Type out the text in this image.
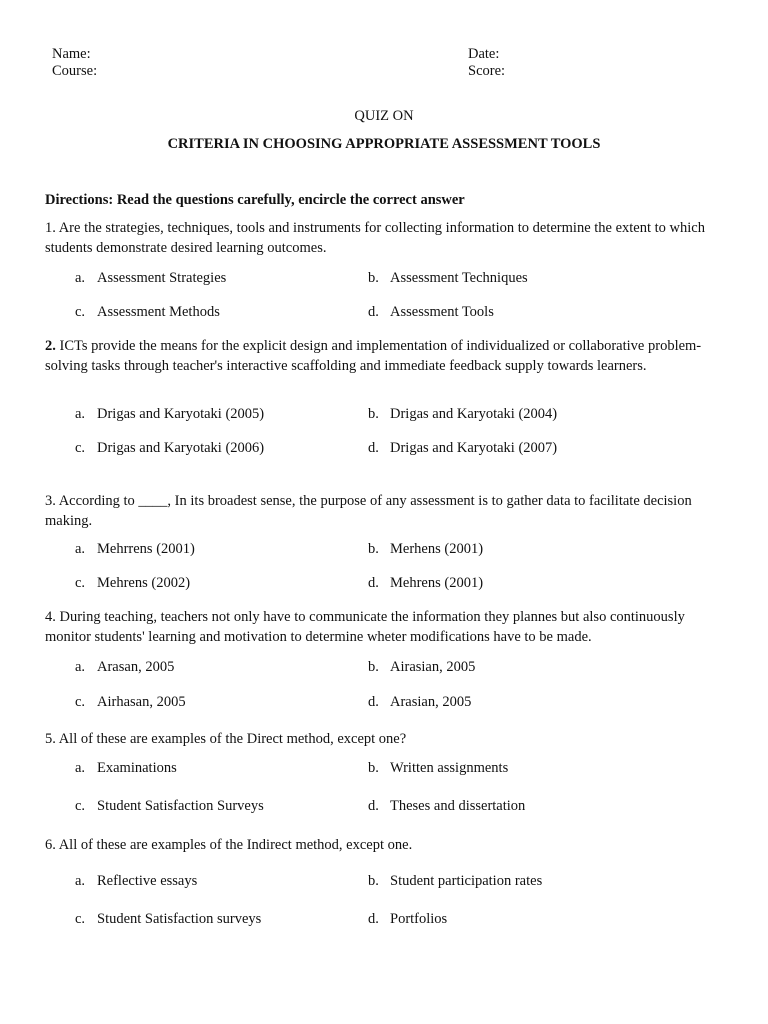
Name:
Course:
Date:
Score:
QUIZ ON
CRITERIA IN CHOOSING APPROPRIATE ASSESSMENT TOOLS
Directions: Read the questions carefully, encircle the correct answer
1. Are the strategies, techniques, tools and instruments for collecting information to determine the extent to which students demonstrate desired learning outcomes.
a. Assessment Strategies	b. Assessment Techniques
c. Assessment Methods	d. Assessment Tools
2. ICTs provide the means for the explicit design and implementation of individualized or collaborative problem-solving tasks through teacher's interactive scaffolding and immediate feedback supply towards learners.
a. Drigas and Karyotaki (2005)	b. Drigas and Karyotaki (2004)
c. Drigas and Karyotaki (2006)	d. Drigas and Karyotaki (2007)
3. According to ____, In its broadest sense, the purpose of any assessment is to gather data to facilitate decision making.
a. Mehrrens (2001)	b. Merhens (2001)
c. Mehrens (2002)	d. Mehrens (2001)
4. During teaching, teachers not only have to communicate the information they plannes but also continuously monitor students' learning and motivation to determine wheter modifications have to be made.
a. Arasan, 2005	b. Airasian, 2005
c. Airhasan, 2005	d. Arasian, 2005
5. All of these are examples of the Direct method, except one?
a. Examinations	b. Written assignments
c. Student Satisfaction Surveys	d. Theses and dissertation
6. All of these are examples of the Indirect method, except one.
a. Reflective essays	b. Student participation rates
c. Student Satisfaction surveys	d. Portfolios
